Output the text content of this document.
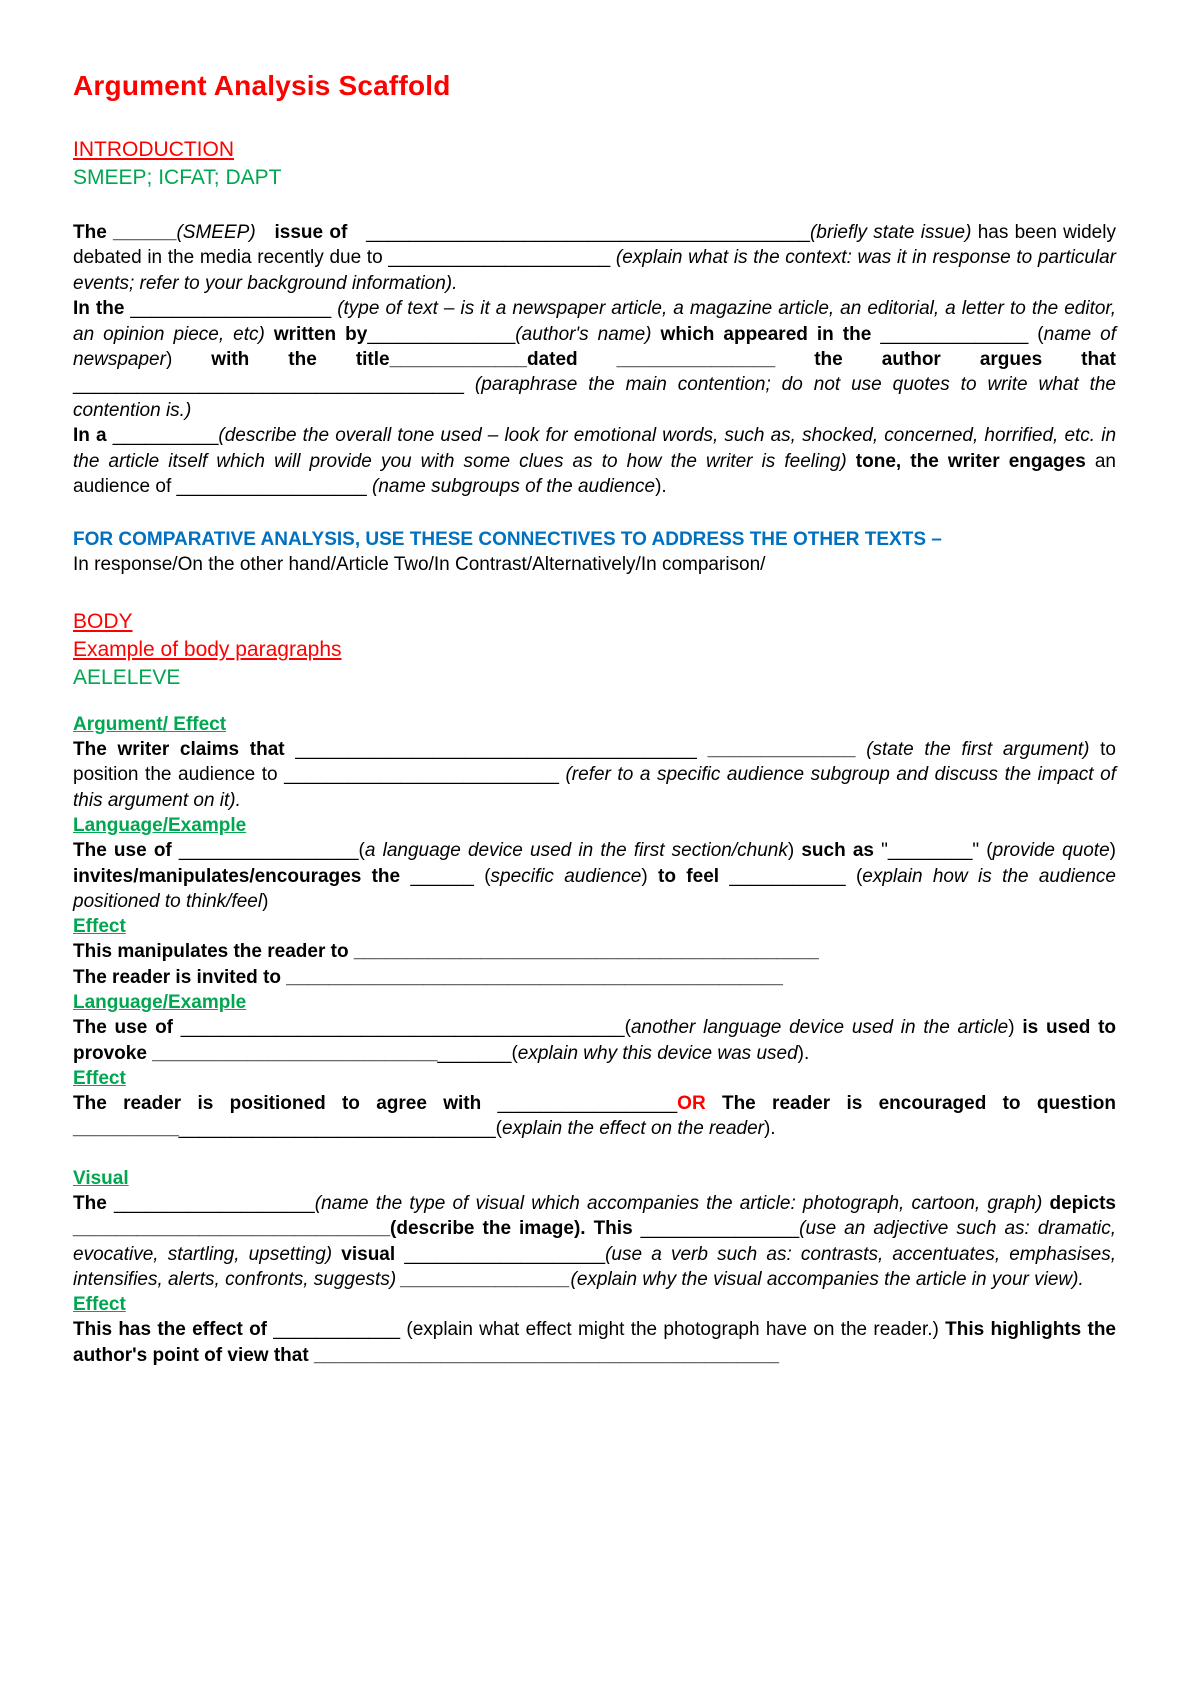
Argument Analysis Scaffold
INTRODUCTION
SMEEP; ICFAT; DAPT

The ______(SMEEP) issue of __________________________________________(briefly state issue) has been widely debated in the media recently due to _____________________ (explain what is the context: was it in response to particular events; refer to your background information).

In the ___________________ (type of text – is it a newspaper article, a magazine article, an editorial, a letter to the editor, an opinion piece, etc) written by______________(author's name) which appeared in the ______________ (name of newspaper) with the title_____________dated _______________ the author argues that _____________________________________ (paraphrase the main contention; do not use quotes to write what the contention is.)

In a __________(describe the overall tone used – look for emotional words, such as, shocked, concerned, horrified, etc. in the article itself which will provide you with some clues as to how the writer is feeling) tone, the writer engages an audience of __________________ (name subgroups of the audience).

FOR COMPARATIVE ANALYSIS, USE THESE CONNECTIVES TO ADDRESS THE OTHER TEXTS –

In response/On the other hand/Article Two/In Contrast/Alternatively/In comparison/

BODY
Example of body paragraphs
AELELEVE
Argument/ Effect

The writer claims that ______________________________________ ______________ (state the first argument) to position the audience to __________________________ (refer to a specific audience subgroup and discuss the impact of this argument on it).

Language/Example

The use of _________________(a language device used in the first section/chunk) such as "________" (provide quote) invites/manipulates/encourages the ______ (specific audience) to feel ___________ (explain how is the audience positioned to think/feel)

Effect

This manipulates the reader to ____________________________________________

The reader is invited to _______________________________________________

Language/Example

The use of __________________________________________(another language device used in the article) is used to provoke __________________________________(explain why this device was used).

Effect

The reader is positioned to agree with _________________OR The reader is encouraged to question ________________________________________(explain the effect on the reader).

Visual

The ___________________(name the type of visual which accompanies the article: photograph, cartoon, graph) depicts ______________________________(describe the image). This _______________(use an adjective such as: dramatic, evocative, startling, upsetting) visual ___________________(use a verb such as: contrasts, accentuates, emphasises, intensifies, alerts, confronts, suggests) ________________(explain why the visual accompanies the article in your view).

Effect

This has the effect of ____________ (explain what effect might the photograph have on the reader.) This highlights the author's point of view that ____________________________________________
